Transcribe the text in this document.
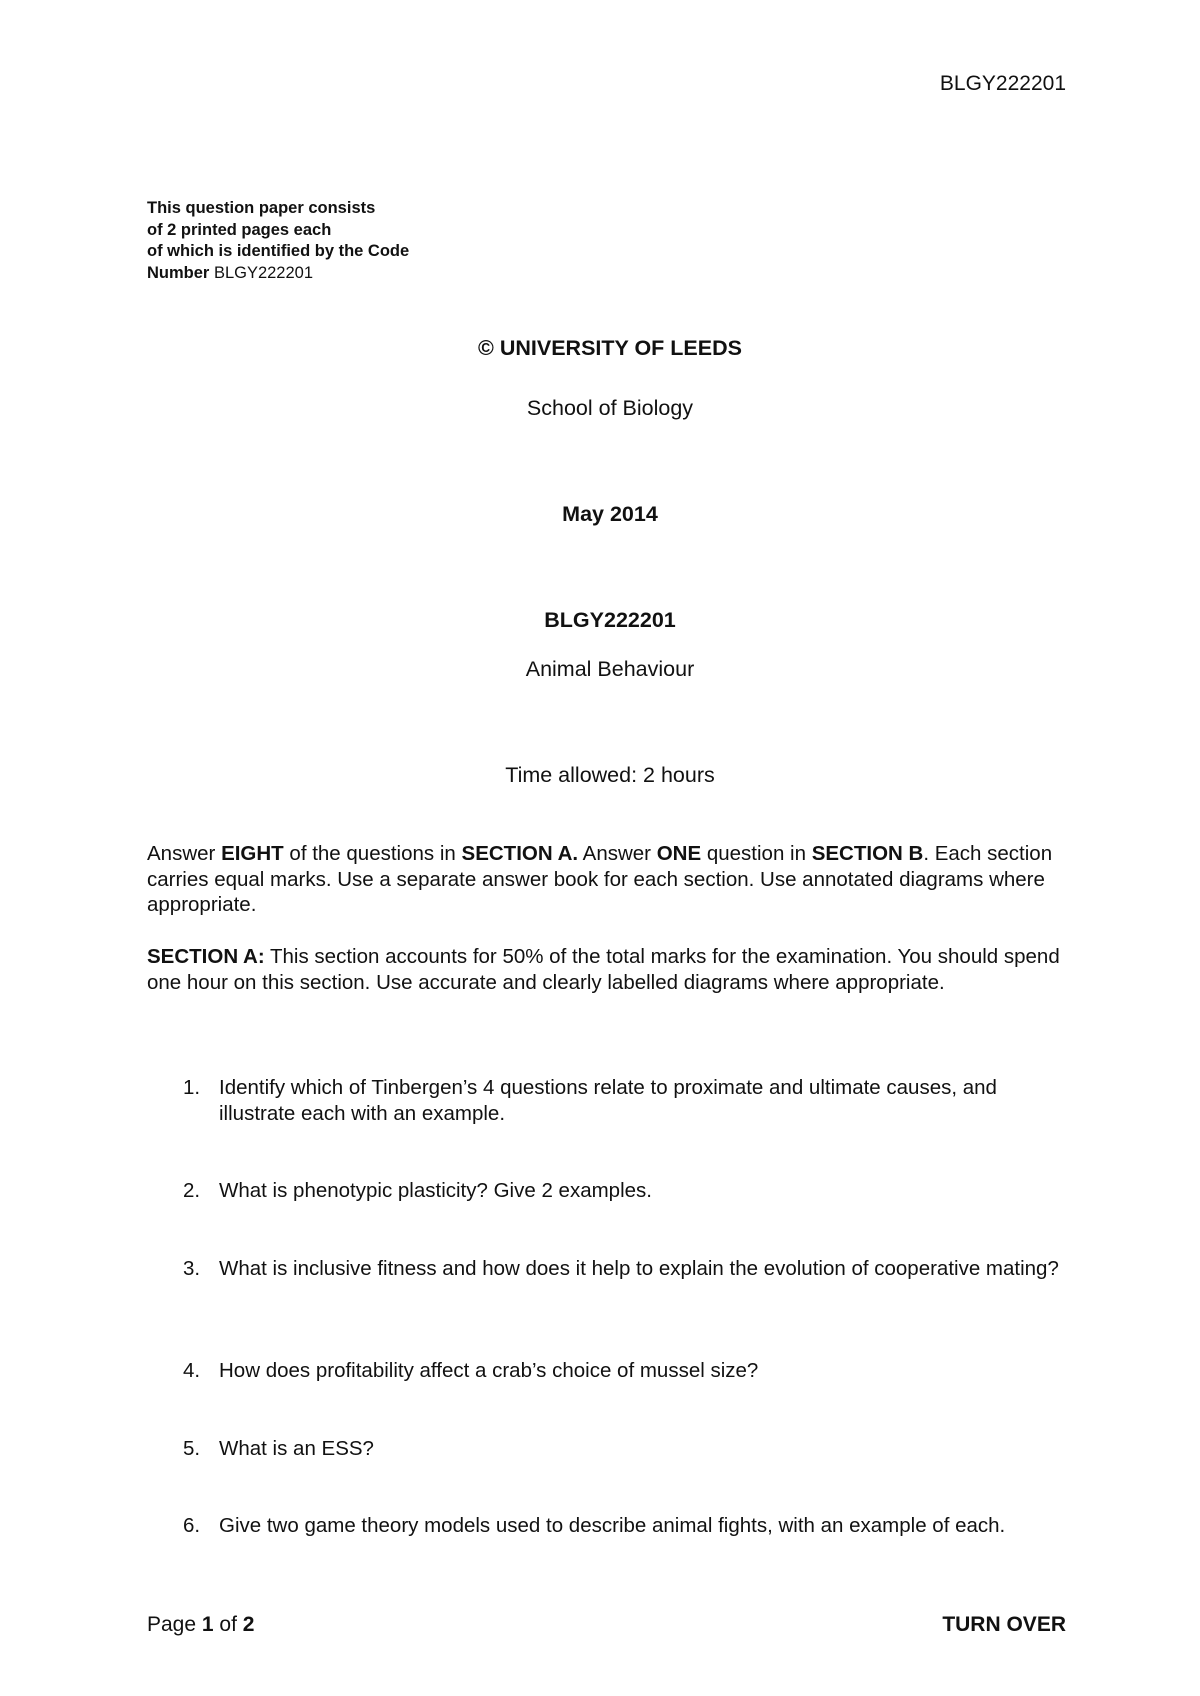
BLGY222201
This question paper consists
of 2 printed pages each
of which is identified by the Code
Number BLGY222201
© UNIVERSITY OF LEEDS
School of Biology
May 2014
BLGY222201
Animal Behaviour
Time allowed: 2 hours
Answer EIGHT of the questions in SECTION A. Answer ONE question in SECTION B. Each section carries equal marks. Use a separate answer book for each section. Use annotated diagrams where appropriate.
SECTION A: This section accounts for 50% of the total marks for the examination. You should spend one hour on this section. Use accurate and clearly labelled diagrams where appropriate.
1. Identify which of Tinbergen’s 4 questions relate to proximate and ultimate causes, and illustrate each with an example.
2. What is phenotypic plasticity? Give 2 examples.
3. What is inclusive fitness and how does it help to explain the evolution of cooperative mating?
4. How does profitability affect a crab’s choice of mussel size?
5. What is an ESS?
6. Give two game theory models used to describe animal fights, with an example of each.
Page 1 of 2	TURN OVER
